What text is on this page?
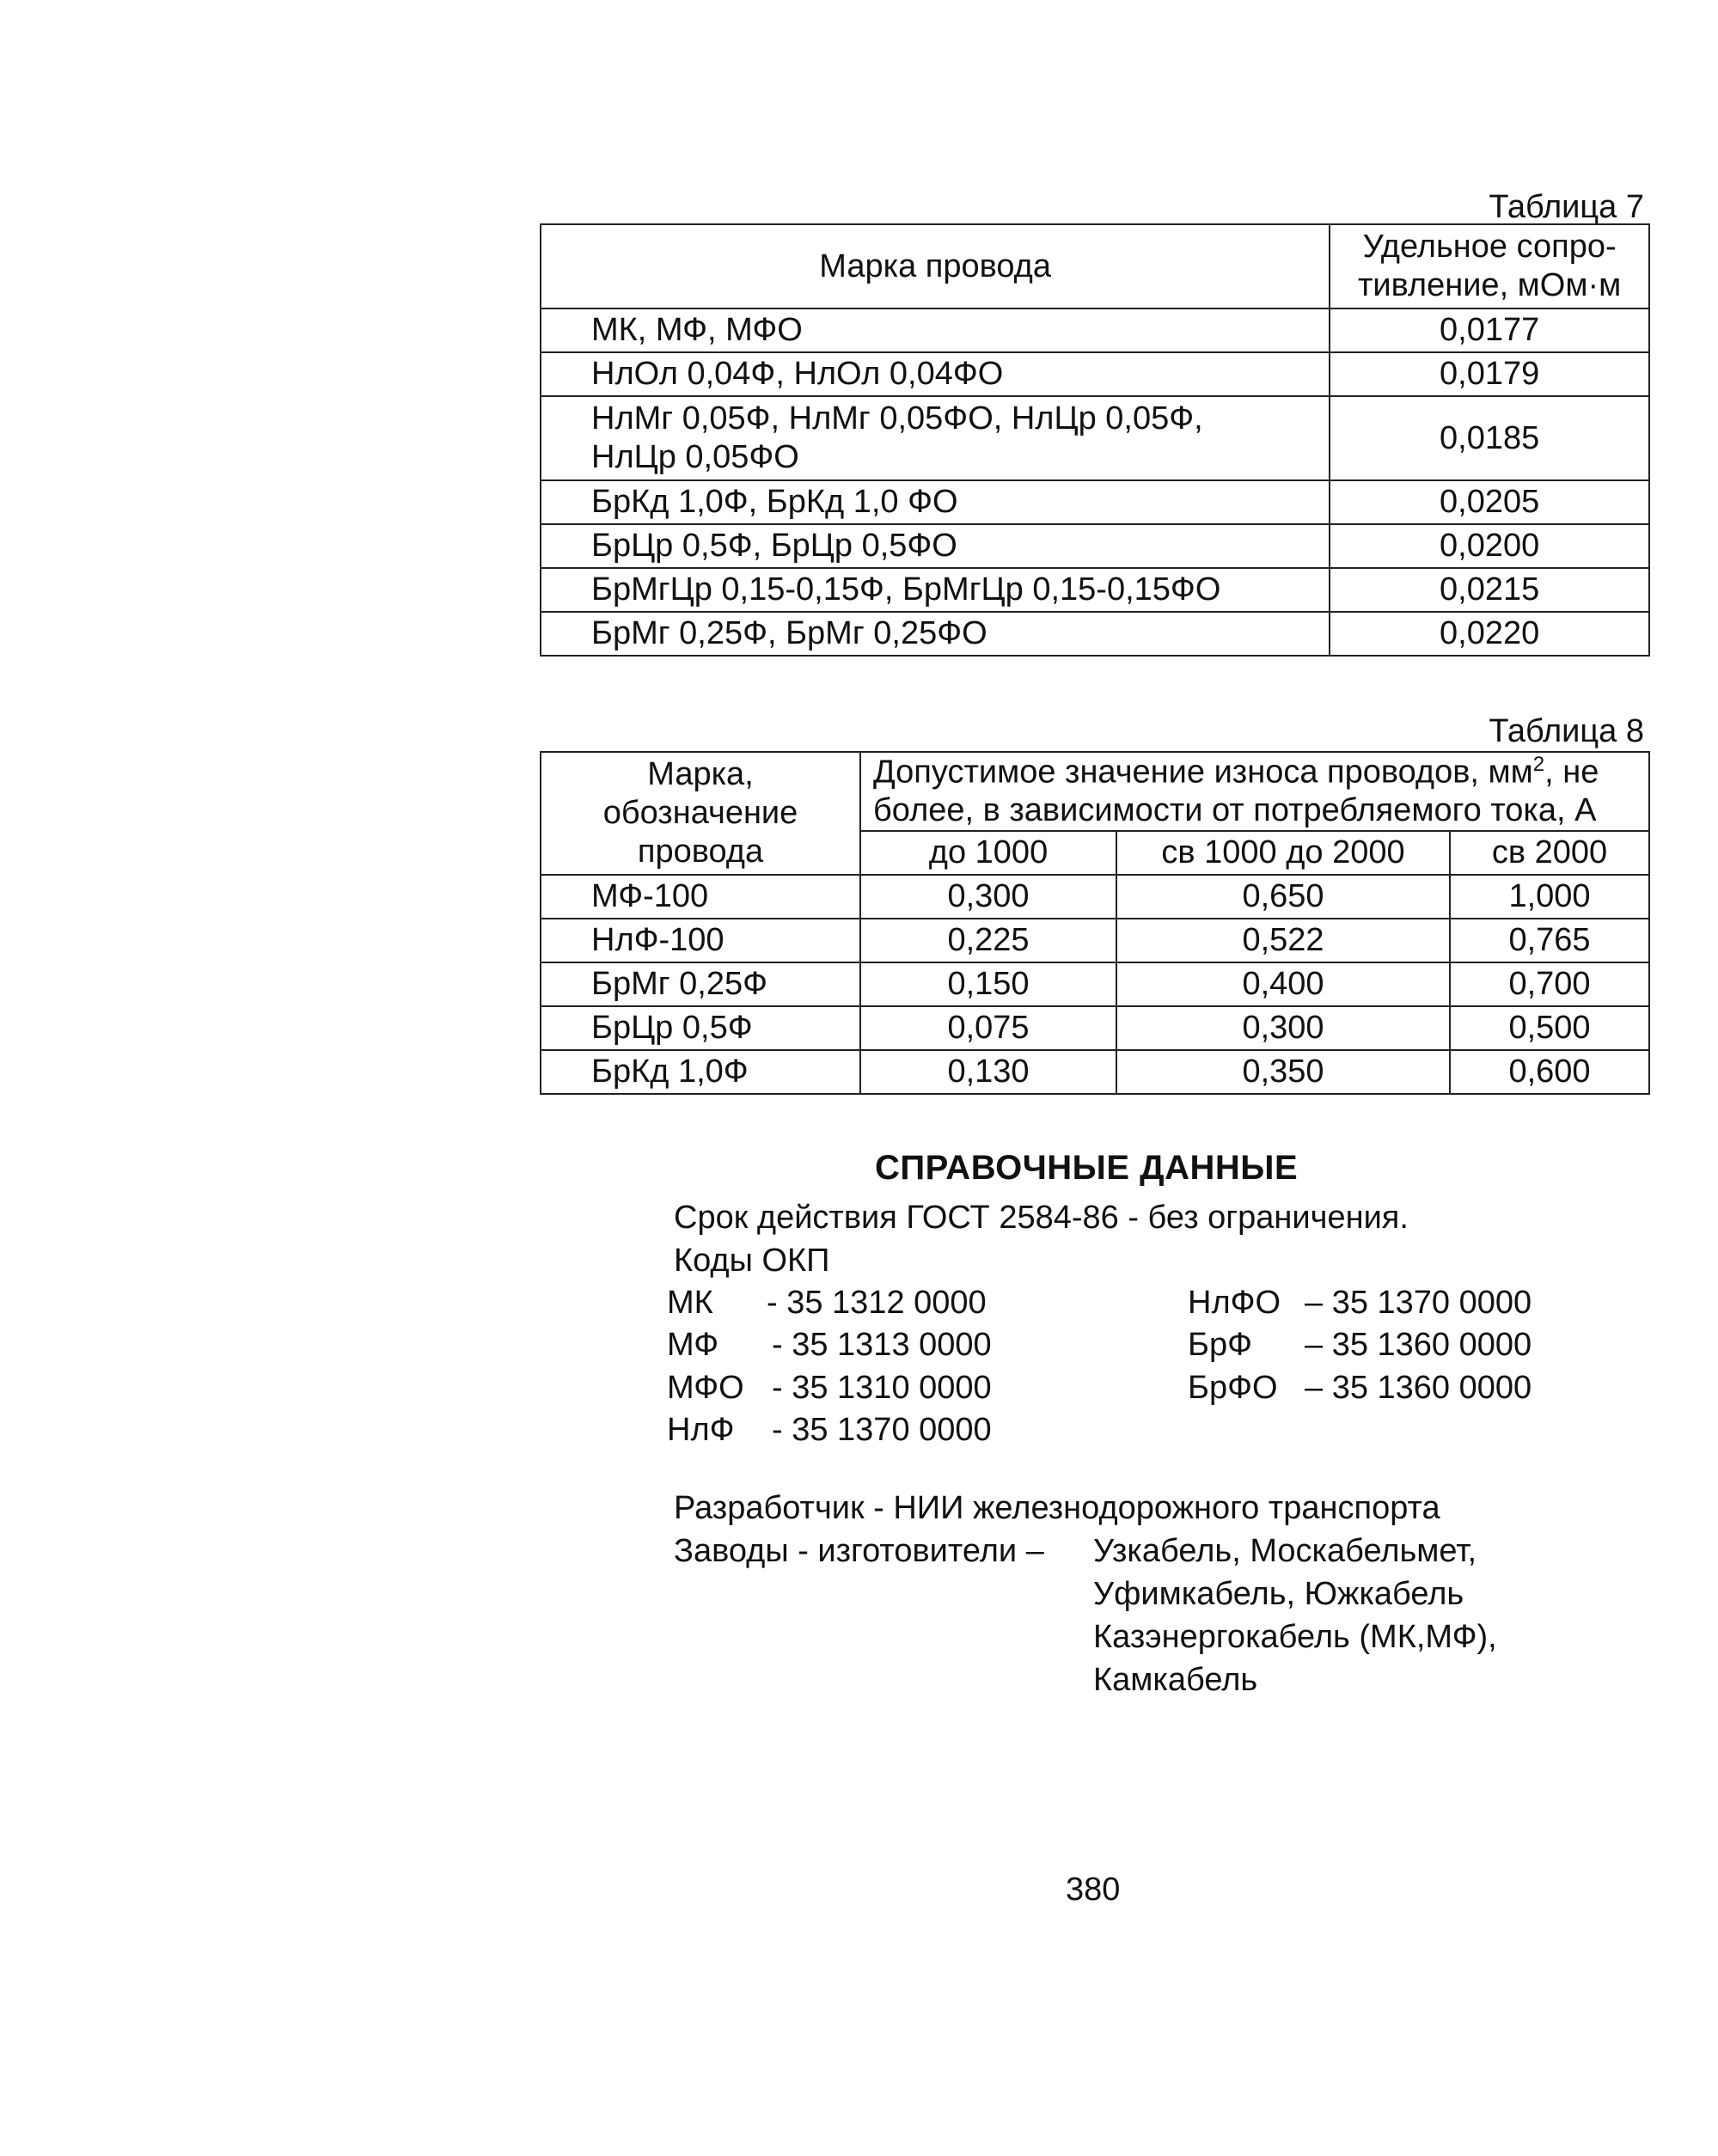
Таблица 7
Марка провода	Удельное сопро-тивление, мОм·м
МК, МФ, МФО	0,0177
НлОл 0,04Ф, НлОл 0,04ФО	0,0179
НлМг 0,05Ф, НлМг 0,05ФО, НлЦр 0,05Ф, НлЦр 0,05ФО	0,0185
БрКд 1,0Ф, БрКд 1,0 ФО	0,0205
БрЦр 0,5Ф, БрЦр 0,5ФО	0,0200
БрМгЦр 0,15-0,15Ф, БрМгЦр 0,15-0,15ФО	0,0215
БрМг 0,25Ф, БрМг 0,25ФО	0,0220
Таблица 8
Марка, обозначение провода	Допустимое значение износа проводов, $мм^2$, не более, в зависимости от потребляемого тока, А		

	до 1000	св 1000 до 2000	св 2000
МФ-100	0,300	0,650	1,000
НлФ-100	0,225	0,522	0,765
БрМг 0,25Ф	0,150	0,400	0,700
БрЦр 0,5Ф	0,075	0,300	0,500
БрКд 1,0Ф	0,130	0,350	0,600
СПРАВОЧНЫЕ ДАННЫЕ
Срок действия ГОСТ 2584-86 - без ограничения.
Коды ОКП
МК - 35 1312 0000
МФ - 35 1313 0000
МФО - 35 1310 0000
НлФ - 35 1370 0000
НлФО – 35 1370 0000
БрФ – 35 1360 0000
БрФО – 35 1360 0000
Разработчик - НИИ железнодорожного транспорта
Заводы - изготовители – Узкабель, Москабельмет,
Уфимкабель, Южкабель
Казэнергокабель (МК,МФ),
Камкабель
380
